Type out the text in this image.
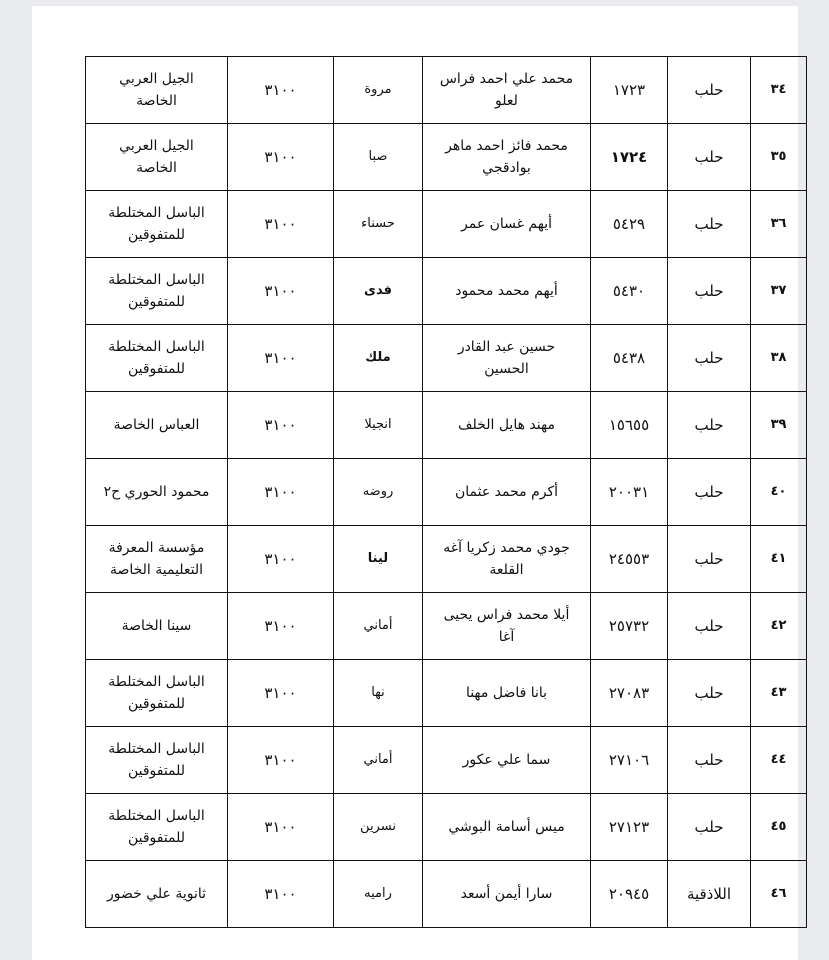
٣٤	حلب	١٧٢٣	محمد علي احمد فراس لعلو	مروة	٣١٠٠	الجيل العربي الخاصة
٣٥	حلب	١٧٢٤	محمد فائز احمد ماهر بوادقجي	صبا	٣١٠٠	الجيل العربي الخاصة
٣٦	حلب	٥٤٢٩	أيهم غسان عمر	حسناء	٣١٠٠	الباسل المختلطة للمتفوقين
٣٧	حلب	٥٤٣٠	أيهم محمد محمود	فدى	٣١٠٠	الباسل المختلطة للمتفوقين
٣٨	حلب	٥٤٣٨	حسين عبد القادر الحسين	ملك	٣١٠٠	الباسل المختلطة للمتفوقين
٣٩	حلب	١٥٦٥٥	مهند هايل الخلف	انجيلا	٣١٠٠	العباس الخاصة
٤٠	حلب	٢٠٠٣١	أكرم محمد عثمان	روضه	٣١٠٠	محمود الحوري ح٢
٤١	حلب	٢٤٥٥٣	جودي محمد زكريا آغه القلعة	لينا	٣١٠٠	مؤسسة المعرفة التعليمية الخاصة
٤٢	حلب	٢٥٧٣٢	أيلا محمد فراس يحيى آغا	أماني	٣١٠٠	سينا الخاصة
٤٣	حلب	٢٧٠٨٣	بانا فاضل مهنا	نها	٣١٠٠	الباسل المختلطة للمتفوقين
٤٤	حلب	٢٧١٠٦	سما علي عكور	أماني	٣١٠٠	الباسل المختلطة للمتفوقين
٤٥	حلب	٢٧١٢٣	ميس أسامة البوشي	نسرين	٣١٠٠	الباسل المختلطة للمتفوقين
٤٦	اللاذقية	٢٠٩٤٥	سارا أيمن أسعد	راميه	٣١٠٠	ثانوية علي خضور
